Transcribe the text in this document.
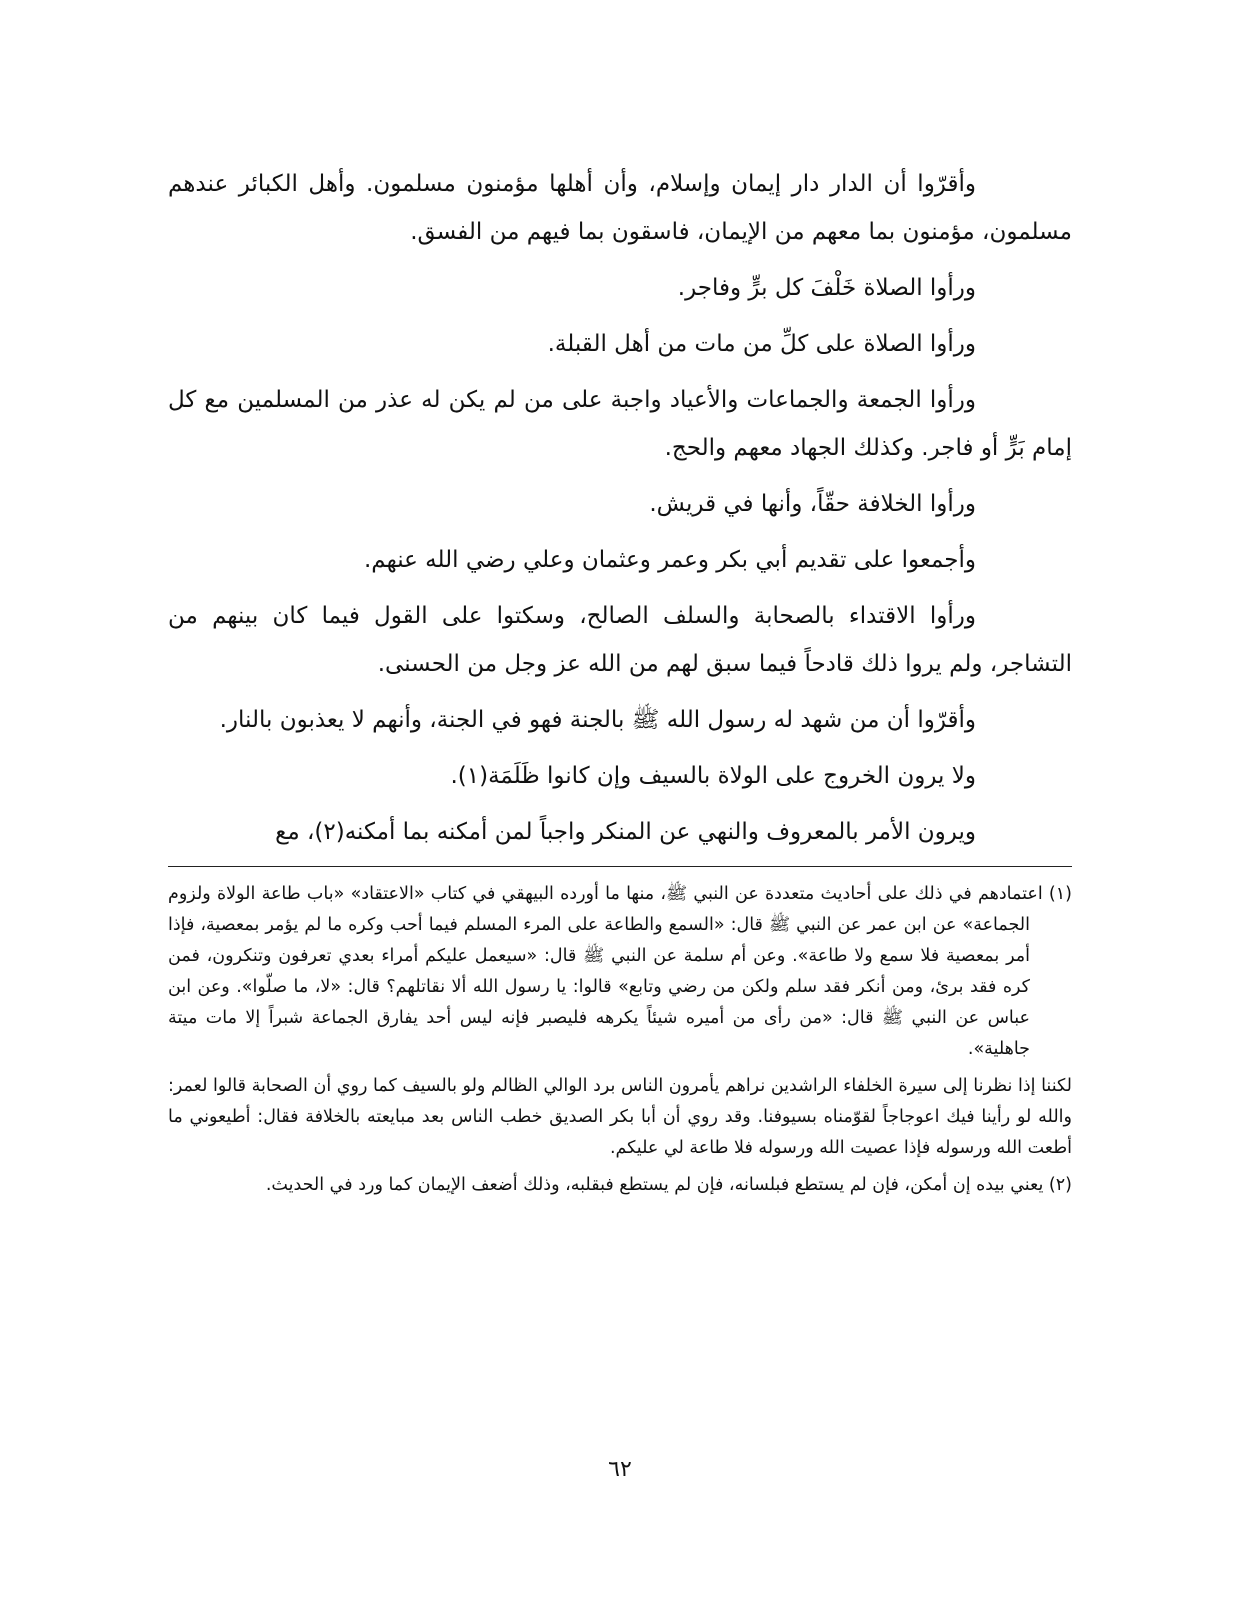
وأقرّوا أن الدار دار إيمان وإسلام، وأن أهلها مؤمنون مسلمون. وأهل الكبائر عندهم مسلمون، مؤمنون بما معهم من الإيمان، فاسقون بما فيهم من الفسق.

ورأوا الصلاة خَلْفَ كل برٍّ وفاجر.

ورأوا الصلاة على كلِّ من مات من أهل القبلة.

ورأوا الجمعة والجماعات والأعياد واجبة على من لم يكن له عذر من المسلمين مع كل إمام بَرٍّ أو فاجر. وكذلك الجهاد معهم والحج.

ورأوا الخلافة حقّاً، وأنها في قريش.

وأجمعوا على تقديم أبي بكر وعمر وعثمان وعلي رضي الله عنهم.

ورأوا الاقتداء بالصحابة والسلف الصالح، وسكتوا على القول فيما كان بينهم من التشاجر، ولم يروا ذلك قادحاً فيما سبق لهم من الله عز وجل من الحسنى.

وأقرّوا أن من شهد له رسول الله ﷺ بالجنة فهو في الجنة، وأنهم لا يعذبون بالنار.

ولا يرون الخروج على الولاة بالسيف وإن كانوا ظَلَمَة(١).

ويرون الأمر بالمعروف والنهي عن المنكر واجباً لمن أمكنه بما أمكنه(٢)، مع

(١) اعتمادهم في ذلك على أحاديث متعددة عن النبي ﷺ، منها ما أورده البيهقي في كتاب «الاعتقاد» «باب طاعة الولاة ولزوم الجماعة» عن ابن عمر عن النبي ﷺ قال: «السمع والطاعة على المرء المسلم فيما أحب وكره ما لم يؤمر بمعصية، فإذا أمر بمعصية فلا سمع ولا طاعة». وعن أم سلمة عن النبي ﷺ قال: «سيعمل عليكم أمراء بعدي تعرفون وتنكرون، فمن كره فقد برئ، ومن أنكر فقد سلم ولكن من رضي وتابع» قالوا: يا رسول الله ألا نقاتلهم؟ قال: «لا، ما صلّوا». وعن ابن عباس عن النبي ﷺ قال: «من رأى من أميره شيئاً يكرهه فليصبر فإنه ليس أحد يفارق الجماعة شبراً إلا مات ميتة جاهلية».

لكننا إذا نظرنا إلى سيرة الخلفاء الراشدين نراهم يأمرون الناس برد الوالي الظالم ولو بالسيف كما روي أن الصحابة قالوا لعمر: والله لو رأينا فيك اعوجاجاً لقوّمناه بسيوفنا. وقد روي أن أبا بكر الصديق خطب الناس بعد مبايعته بالخلافة فقال: أطيعوني ما أطعت الله ورسوله فإذا عصيت الله ورسوله فلا طاعة لي عليكم.

(٢) يعني بيده إن أمكن، فإن لم يستطع فبلسانه، فإن لم يستطع فبقلبه، وذلك أضعف الإيمان كما ورد في الحديث.

٦٢
